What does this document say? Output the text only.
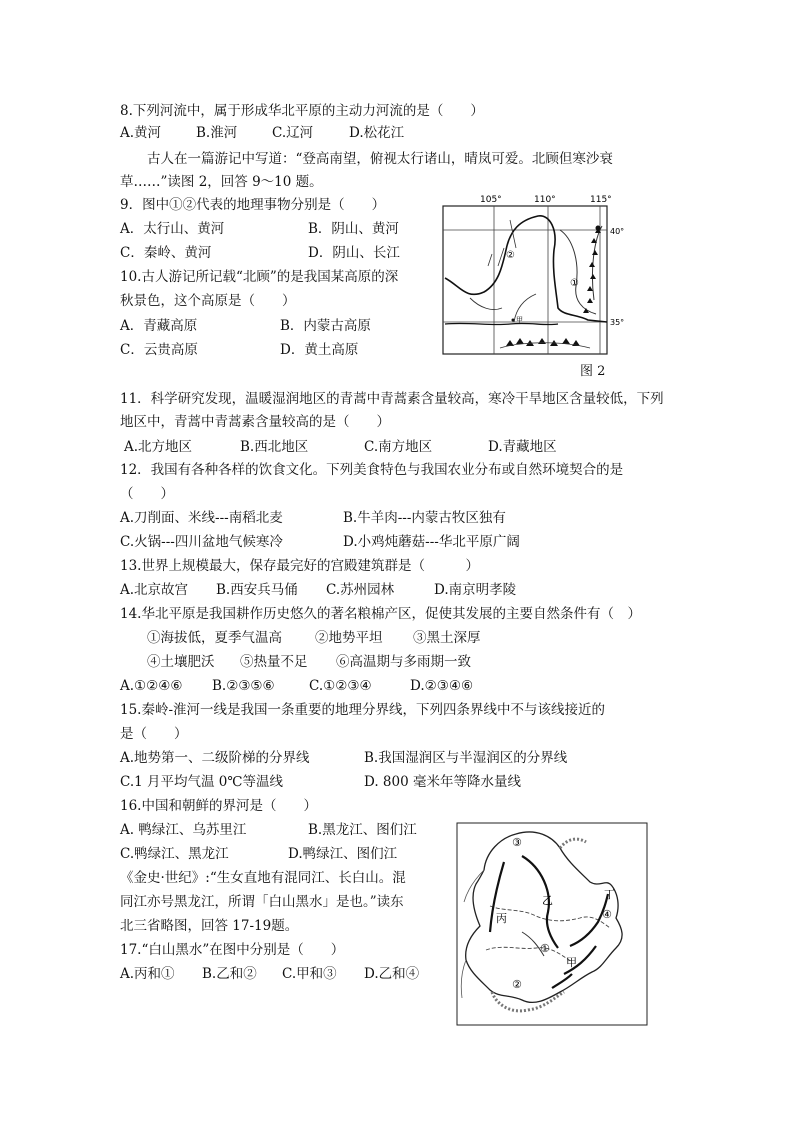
8.下列河流中，属于形成华北平原的主动力河流的是（　　）
A.黄河	B.淮河	C.辽河	D.松花江
古人在一篇游记中写道：“登高南望，俯视太行诸山，晴岚可爱。北顾但寒沙衰
草……”读图 2，回答 9～10 题。
9．图中①②代表的地理事物分别是（　　）
A．太行山、黄河	B．阴山、黄河
C．秦岭、黄河	D．阴山、长江
10.古人游记所记载“北顾”的是我国某高原的深
秋景色，这个高原是（　　）
A．青藏高原	B．内蒙古高原
C．云贵高原	D．黄土高原
105°	110°	115°
40°
35°
②
①
甲
图 2
11．科学研究发现，温暖湿润地区的青蒿中青蒿素含量较高，寒冷干旱地区含量较低，下列
地区中，青蒿中青蒿素含量较高的是（　　）
A.北方地区	B.西北地区	C.南方地区	D.青藏地区
12．我国有各种各样的饮食文化。下列美食特色与我国农业分布或自然环境契合的是
（　　）
A.刀削面、米线---南稻北麦	B.牛羊肉---内蒙古牧区独有
C.火锅---四川盆地气候寒冷	D.小鸡炖蘑菇---华北平原广阔
13.世界上规模最大，保存最完好的宫殿建筑群是（　　　）
A.北京故宫 B.西安兵马俑 C.苏州园林	D.南京明孝陵
14.华北平原是我国耕作历史悠久的著名粮棉产区，促使其发展的主要自然条件有（　）
①海拔低，夏季气温高 ②地势平坦 ③黑土深厚
④土壤肥沃 ⑤热量不足 ⑥高温期与多雨期一致
A.①②④⑥ B.②③⑤⑥	C.①②③④	D.②③④⑥
15.秦岭-淮河一线是我国一条重要的地理分界线，下列四条界线中不与该线接近的
是（　　）
A.地势第一、二级阶梯的分界线	B.我国湿润区与半湿润区的分界线
C.1 月平均气温 0℃等温线	D. 800 毫米年等降水量线
16.中国和朝鲜的界河是（　　）
A. 鸭绿江、乌苏里江	B.黑龙江、图们江
C.鸭绿江、黑龙江	D.鸭绿江、图们江
《金史·世纪》:“生女直地有混同江、长白山。混
同江亦号黑龙江，所谓「白山黑水」是也。”读东
北三省略图，回答 17-19题。
17.“白山黑水”在图中分别是（　　）
A.丙和① B.乙和② C.甲和③ D.乙和④
③
乙
丙
丁
④
①
甲
②
